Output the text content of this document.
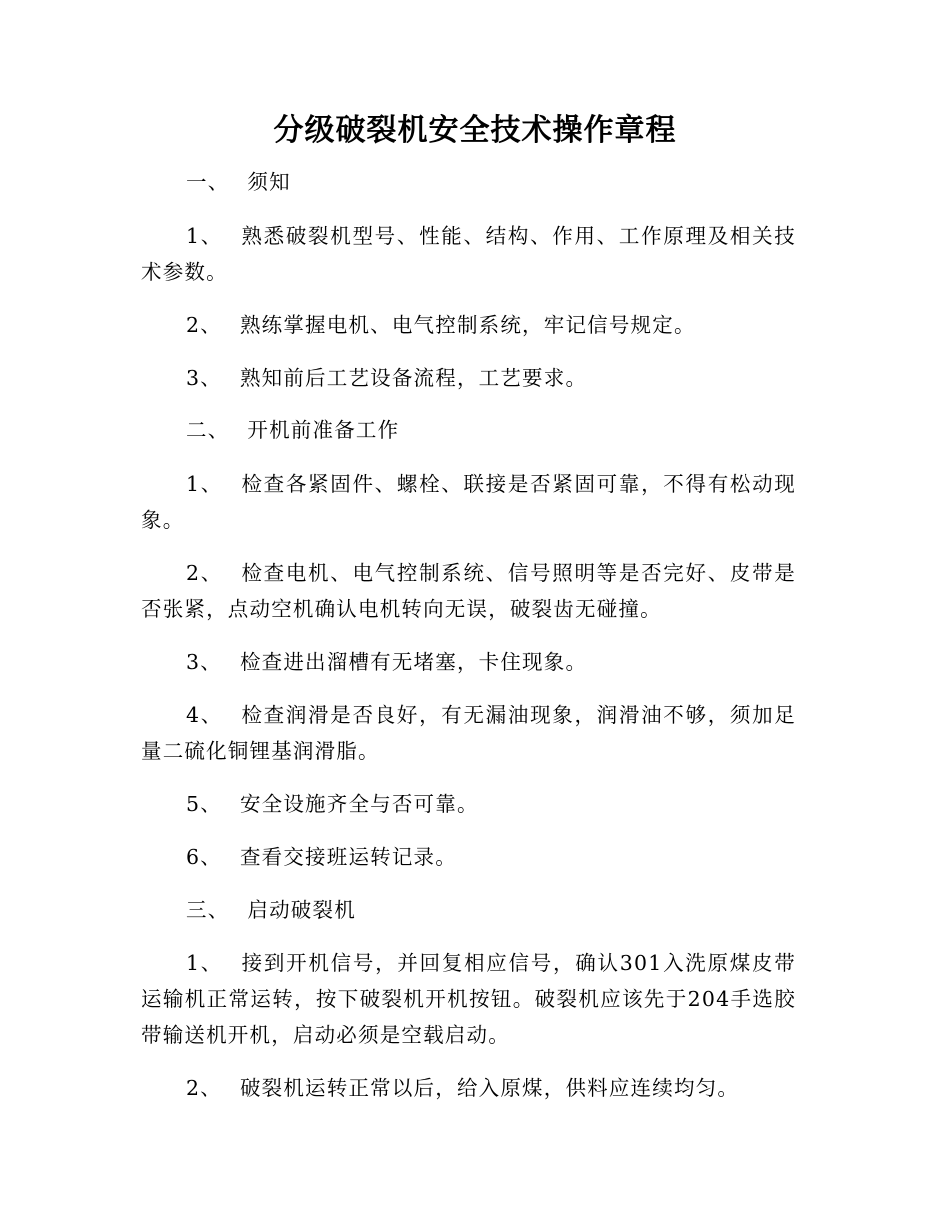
分级破裂机安全技术操作章程

一、 须知

1、 熟悉破裂机型号、性能、结构、作用、工作原理及相关技术参数。

2、 熟练掌握电机、电气控制系统，牢记信号规定。

3、 熟知前后工艺设备流程，工艺要求。

二、 开机前准备工作

1、 检查各紧固件、螺栓、联接是否紧固可靠，不得有松动现象。

2、 检查电机、电气控制系统、信号照明等是否完好、皮带是否张紧，点动空机确认电机转向无误，破裂齿无碰撞。

3、 检查进出溜槽有无堵塞，卡住现象。

4、 检查润滑是否良好，有无漏油现象，润滑油不够，须加足量二硫化铜锂基润滑脂。

5、 安全设施齐全与否可靠。

6、 查看交接班运转记录。

三、 启动破裂机

1、 接到开机信号，并回复相应信号，确认301入洗原煤皮带运输机正常运转，按下破裂机开机按钮。破裂机应该先于204手选胶带输送机开机，启动必须是空载启动。

2、 破裂机运转正常以后，给入原煤，供料应连续均匀。
